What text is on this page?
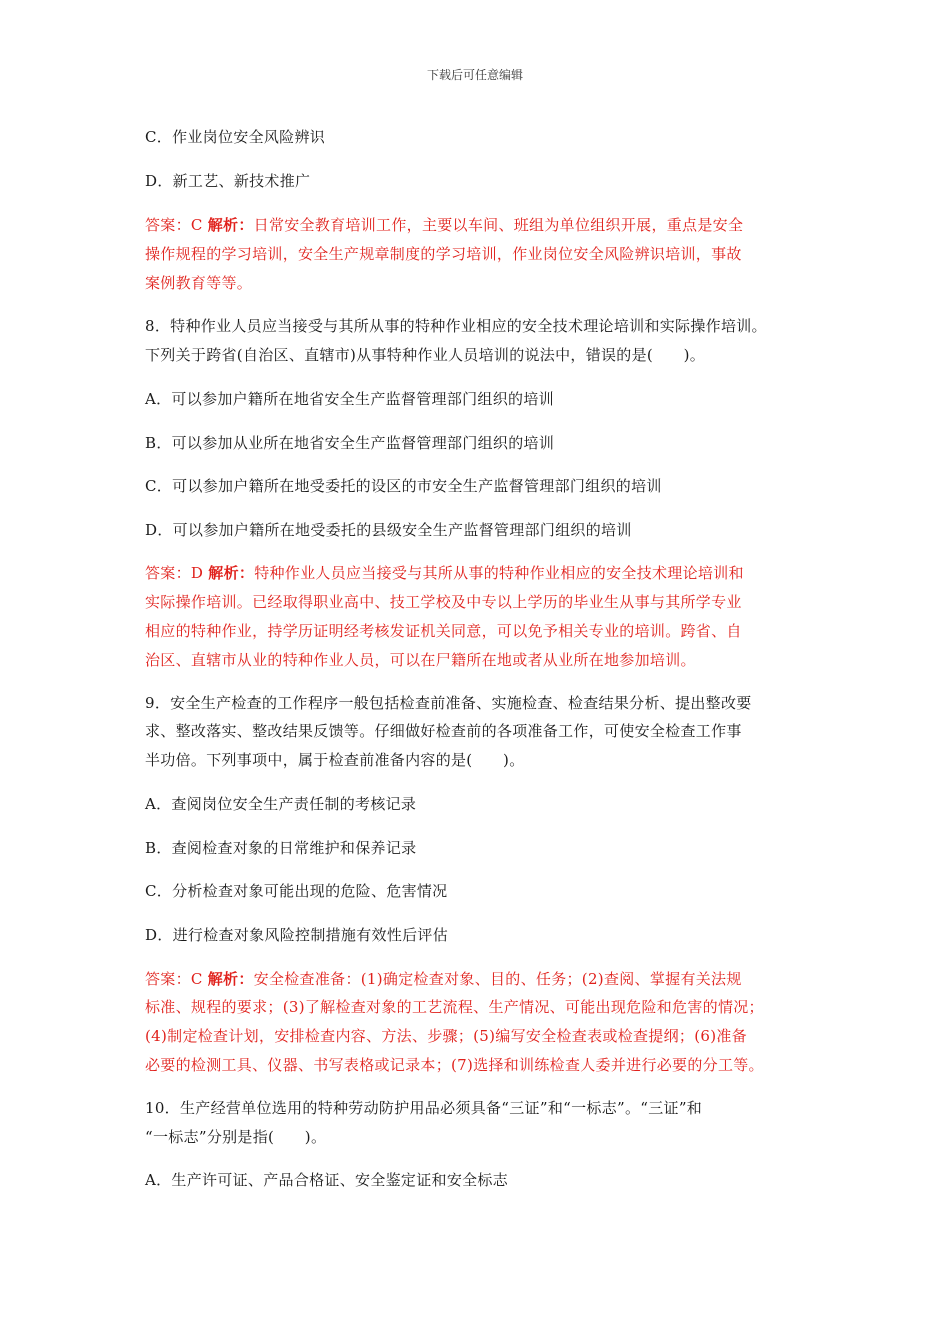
下载后可任意编辑
C．作业岗位安全风险辨识
D．新工艺、新技术推广
答案：C 解析：日常安全教育培训工作，主要以车间、班组为单位组织开展，重点是安全
操作规程的学习培训，安全生产规章制度的学习培训，作业岗位安全风险辨识培训，事故
案例教育等等。
8．特种作业人员应当接受与其所从事的特种作业相应的安全技术理论培训和实际操作培训。
下列关于跨省(自治区、直辖市)从事特种作业人员培训的说法中，错误的是(　　)。
A．可以参加户籍所在地省安全生产监督管理部门组织的培训
B．可以参加从业所在地省安全生产监督管理部门组织的培训
C．可以参加户籍所在地受委托的设区的市安全生产监督管理部门组织的培训
D．可以参加户籍所在地受委托的县级安全生产监督管理部门组织的培训
答案：D 解析：特种作业人员应当接受与其所从事的特种作业相应的安全技术理论培训和
实际操作培训。已经取得职业高中、技工学校及中专以上学历的毕业生从事与其所学专业
相应的特种作业，持学历证明经考核发证机关同意，可以免予相关专业的培训。跨省、自
治区、直辖市从业的特种作业人员，可以在尸籍所在地或者从业所在地参加培训。
9．安全生产检查的工作程序一般包括检查前准备、实施检查、检查结果分析、提出整改要
求、整改落实、整改结果反馈等。仔细做好检查前的各项准备工作，可使安全检查工作事
半功倍。下列事项中，属于检查前准备内容的是(　　)。
A．查阅岗位安全生产责任制的考核记录
B．查阅检查对象的日常维护和保养记录
C．分析检查对象可能出现的危险、危害情况
D．进行检查对象风险控制措施有效性后评估
答案：C 解析：安全检查准备：(1)确定检查对象、目的、任务；(2)查阅、掌握有关法规
标准、规程的要求；(3)了解检查对象的工艺流程、生产情况、可能出现危险和危害的情况；
(4)制定检查计划，安排检查内容、方法、步骤；(5)编写安全检查表或检查提纲；(6)准备
必要的检测工具、仪器、书写表格或记录本；(7)选择和训练检查人委并进行必要的分工等。
10．生产经营单位选用的特种劳动防护用品必须具备“三证”和“一标志”。“三证”和
“一标志”分别是指(　　)。
A．生产许可证、产品合格证、安全鉴定证和安全标志
